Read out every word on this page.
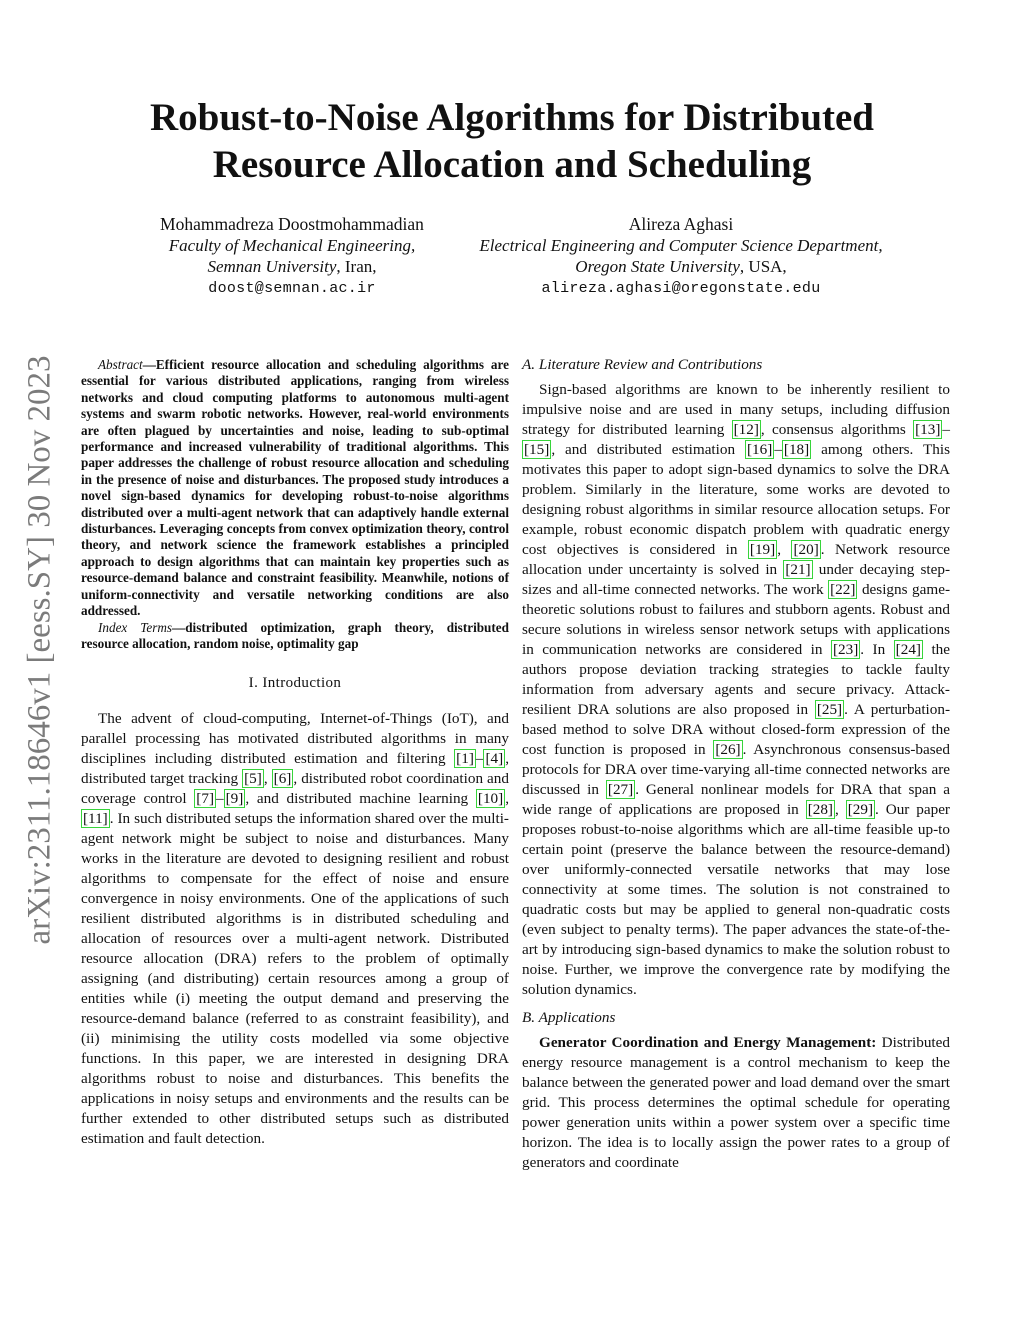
Robust-to-Noise Algorithms for Distributed
Resource Allocation and Scheduling
Mohammadreza Doostmohammadian
Faculty of Mechanical Engineering,
Semnan University, Iran,
doost@semnan.ac.ir
Alireza Aghasi
Electrical Engineering and Computer Science Department,
Oregon State University, USA,
alireza.aghasi@oregonstate.edu
arXiv:2311.18646v1 [eess.SY] 30 Nov 2023	Abstract—Efficient resource allocation and scheduling algorithms are essential for various distributed applications, ranging from wireless networks and cloud computing platforms to autonomous multi-agent systems and swarm robotic networks. However, real-world environments are often plagued by uncertainties and noise, leading to sub-optimal performance and increased vulnerability of traditional algorithms. This paper addresses the challenge of robust resource allocation and scheduling in the presence of noise and disturbances. The proposed study introduces a novel sign-based dynamics for developing robust-to-noise algorithms distributed over a multi-agent network that can adaptively handle external disturbances. Leveraging concepts from convex optimization theory, control theory, and network science the framework establishes a principled approach to design algorithms that can maintain key properties such as resource-demand balance and constraint feasibility. Meanwhile, notions of uniform-connectivity and versatile networking conditions are also addressed.

Index Terms—distributed optimization, graph theory, distributed resource allocation, random noise, optimality gap

I. Introduction

The advent of cloud-computing, Internet-of-Things (IoT), and parallel processing has motivated distributed algorithms in many disciplines including distributed estimation and filtering [1] – [4] , distributed target tracking [5] , [6] , distributed robot coordination and coverage control [7] – [9] , and distributed machine learning [10] , [11] . In such distributed setups the information shared over the multi-agent network might be subject to noise and disturbances. Many works in the literature are devoted to designing resilient and robust algorithms to compensate for the effect of noise and ensure convergence in noisy environments. One of the applications of such resilient distributed algorithms is in distributed scheduling and allocation of resources over a multi-agent network. Distributed resource allocation (DRA) refers to the problem of optimally assigning (and distributing) certain resources among a group of entities while (i) meeting the output demand and preserving the resource-demand balance (referred to as constraint feasibility), and (ii) minimising the utility costs modelled via some objective functions. In this paper, we are interested in designing DRA algorithms robust to noise and disturbances. This benefits the applications in noisy setups and environments and the results can be further extended to other distributed setups such as distributed estimation and fault detection.

A. Literature Review and Contributions

Sign-based algorithms are known to be inherently resilient to impulsive noise and are used in many setups, including diffusion strategy for distributed learning [12] , consensus algorithms [13] –[15] , and distributed estimation [16] – [18] among others. This motivates this paper to adopt sign-based dynamics to solve the DRA problem. Similarly in the literature, some works are devoted to designing robust algorithms in similar resource allocation setups. For example, robust economic dispatch problem with quadratic energy cost objectives is considered in [19] , [20] . Network resource allocation under uncertainty is solved in [21] under decaying step-sizes and all-time connected networks. The work [22] designs game-theoretic solutions robust to failures and stubborn agents. Robust and secure solutions in wireless sensor network setups with applications in communication networks are considered in [23] . In [24] the authors propose deviation tracking strategies to tackle faulty information from adversary agents and secure privacy. Attack-resilient DRA solutions are also proposed in [25] . A perturbation-based method to solve DRA without closed-form expression of the cost function is proposed in [26] . Asynchronous consensus-based protocols for DRA over time-varying all-time connected networks are discussed in [27] . General nonlinear models for DRA that span a wide range of applications are proposed in [28] , [29] . Our paper proposes robust-to-noise algorithms which are all-time feasible up-to certain point (preserve the balance between the resource-demand) over uniformly-connected versatile networks that may lose connectivity at some times. The solution is not constrained to quadratic costs but may be applied to general non-quadratic costs (even subject to penalty terms). The paper advances the state-of-the-art by introducing sign-based dynamics to make the solution robust to noise. Further, we improve the convergence rate by modifying the solution dynamics.

B. Applications

Generator Coordination and Energy Management: Distributed energy resource management is a control mechanism to keep the balance between the generated power and load demand over the smart grid. This process determines the optimal schedule for operating power generation units within a power system over a specific time horizon. The idea is to locally assign the power rates to a group of generators and coordinate
